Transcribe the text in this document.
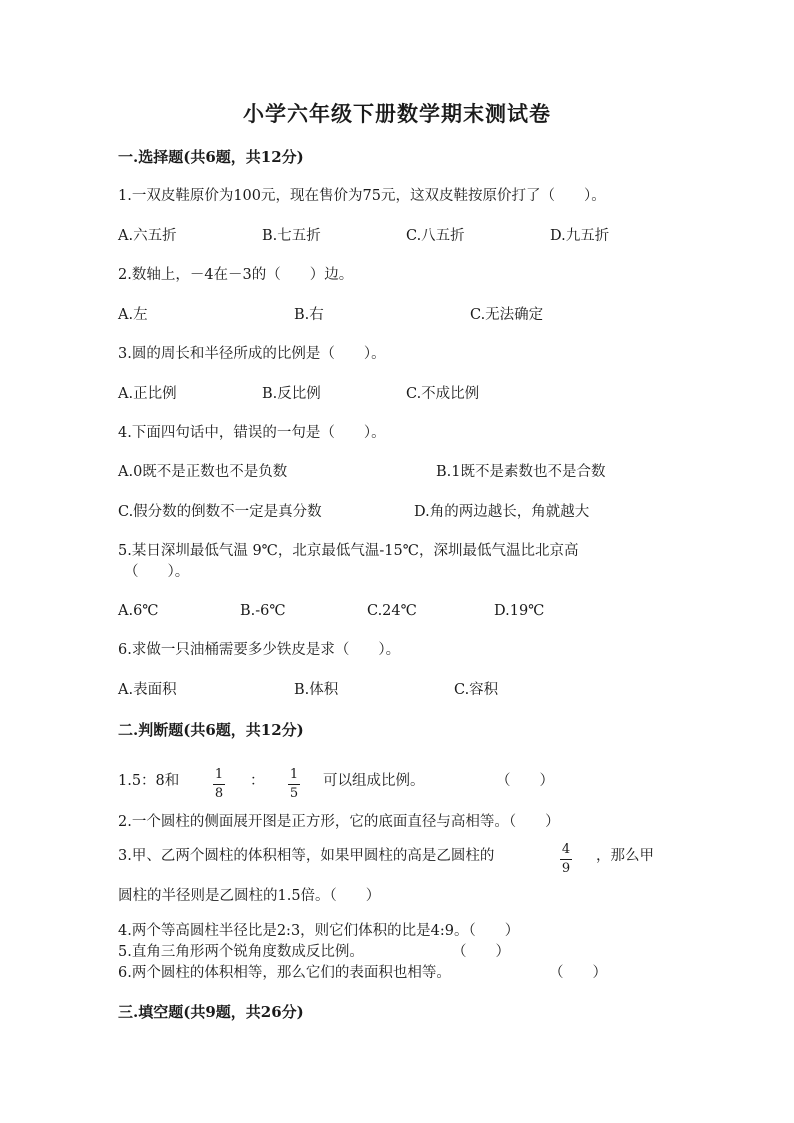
小学六年级下册数学期末测试卷
一.选择题(共6题，共12分)
1.一双皮鞋原价为100元，现在售价为75元，这双皮鞋按原价打了（　　）。
A.六五折	B.七五折	C.八五折	D.九五折
2.数轴上，－4在－3的（　　）边。
A.左	B.右	C.无法确定
3.圆的周长和半径所成的比例是（　　）。
A.正比例	B.反比例	C.不成比例
4.下面四句话中，错误的一句是（　　）。
A.0既不是正数也不是负数	B.1既不是素数也不是合数
C.假分数的倒数不一定是真分数	D.角的两边越长，角就越大
5.某日深圳最低气温 9℃，北京最低气温-15℃，深圳最低气温比北京高
（　　）。
A.6℃	B.-6℃	C.24℃	D.19℃
6.求做一只油桶需要多少铁皮是求（　　）。
A.表面积	B.体积	C.容积
二.判断题(共6题，共12分)
1.5：8和	1
8
： 1
5
可以组成比例。	（　　）
2.一个圆柱的侧面展开图是正方形，它的底面直径与高相等。（　　）
3.甲、乙两个圆柱的体积相等，如果甲圆柱的高是乙圆柱的	4
9
，那么甲
圆柱的半径则是乙圆柱的1.5倍。（　　）
4.两个等高圆柱半径比是2:3，则它们体积的比是4:9。（　　）
5.直角三角形两个锐角度数成反比例。	（　　）
6.两个圆柱的体积相等，那么它们的表面积也相等。	（　　）
三.填空题(共9题，共26分)
